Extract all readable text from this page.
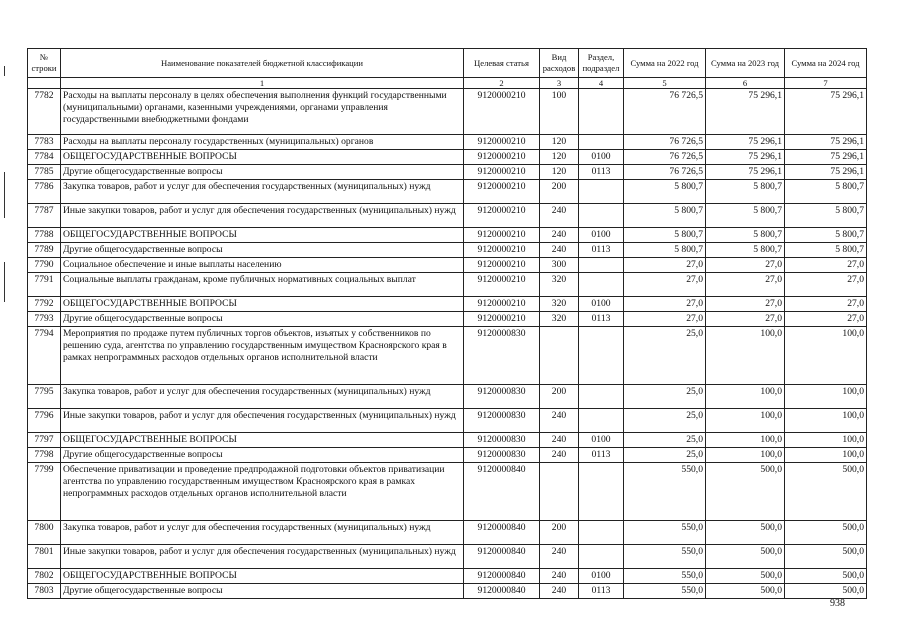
№ строки	Наименование показателей бюджетной классификации	Целевая статья	Вид расходов	Раздел, подраздел	Сумма на 2022 год	Сумма на 2023 год	Сумма на 2024 год
	1	2	3	4	5	6	7
7782	Расходы на выплаты персоналу в целях обеспечения выполнения функций государственными (муниципальными) органами, казенными учреждениями, органами управления государственными внебюджетными фондами	9120000210	100		76 726,5	75 296,1	75 296,1
7783	Расходы на выплаты персоналу государственных (муниципальных) органов	9120000210	120		76 726,5	75 296,1	75 296,1
7784	ОБЩЕГОСУДАРСТВЕННЫЕ ВОПРОСЫ	9120000210	120	0100	76 726,5	75 296,1	75 296,1
7785	Другие общегосударственные вопросы	9120000210	120	0113	76 726,5	75 296,1	75 296,1
7786	Закупка товаров, работ и услуг для обеспечения государственных (муниципальных) нужд	9120000210	200		5 800,7	5 800,7	5 800,7
7787	Иные закупки товаров, работ и услуг для обеспечения государственных (муниципальных) нужд	9120000210	240		5 800,7	5 800,7	5 800,7
7788	ОБЩЕГОСУДАРСТВЕННЫЕ ВОПРОСЫ	9120000210	240	0100	5 800,7	5 800,7	5 800,7
7789	Другие общегосударственные вопросы	9120000210	240	0113	5 800,7	5 800,7	5 800,7
7790	Социальное обеспечение и иные выплаты населению	9120000210	300		27,0	27,0	27,0
7791	Социальные выплаты гражданам, кроме публичных нормативных социальных выплат	9120000210	320		27,0	27,0	27,0
7792	ОБЩЕГОСУДАРСТВЕННЫЕ ВОПРОСЫ	9120000210	320	0100	27,0	27,0	27,0
7793	Другие общегосударственные вопросы	9120000210	320	0113	27,0	27,0	27,0
7794	Мероприятия по продаже путем публичных торгов объектов, изъятых у собственников по решению суда, агентства по управлению государственным имуществом Красноярского края в рамках непрограммных расходов отдельных органов исполнительной власти	9120000830			25,0	100,0	100,0
7795	Закупка товаров, работ и услуг для обеспечения государственных (муниципальных) нужд	9120000830	200		25,0	100,0	100,0
7796	Иные закупки товаров, работ и услуг для обеспечения государственных (муниципальных) нужд	9120000830	240		25,0	100,0	100,0
7797	ОБЩЕГОСУДАРСТВЕННЫЕ ВОПРОСЫ	9120000830	240	0100	25,0	100,0	100,0
7798	Другие общегосударственные вопросы	9120000830	240	0113	25,0	100,0	100,0
7799	Обеспечение приватизации и проведение предпродажной подготовки объектов приватизации агентства по управлению государственным имуществом Красноярского края в рамках непрограммных расходов отдельных органов исполнительной власти	9120000840			550,0	500,0	500,0
7800	Закупка товаров, работ и услуг для обеспечения государственных (муниципальных) нужд	9120000840	200		550,0	500,0	500,0
7801	Иные закупки товаров, работ и услуг для обеспечения государственных (муниципальных) нужд	9120000840	240		550,0	500,0	500,0
7802	ОБЩЕГОСУДАРСТВЕННЫЕ ВОПРОСЫ	9120000840	240	0100	550,0	500,0	500,0
7803	Другие общегосударственные вопросы	9120000840	240	0113	550,0	500,0	500,0
938
